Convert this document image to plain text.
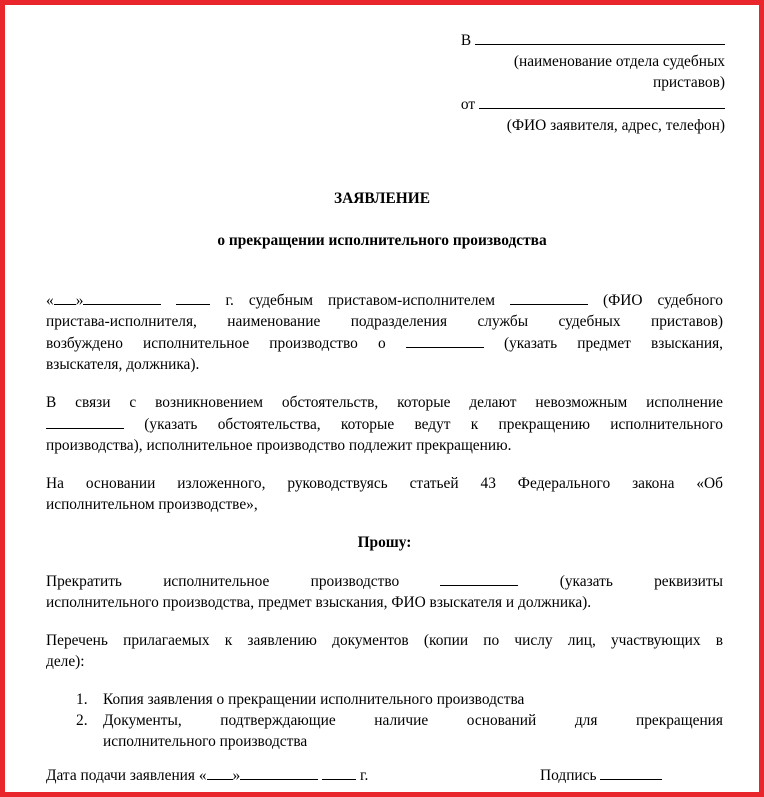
В
(наименование отдела судебных
приставов)
от
(ФИО заявителя, адрес, телефон)
ЗАЯВЛЕНИЕ
о прекращении исполнительного производства
« »	г. судебным приставом-исполнителем	(ФИО судебного
пристава-исполнителя, наименование подразделения службы судебных приставов)
возбуждено исполнительное производство о	(указать предмет взыскания,
взыскателя, должника).
В связи с возникновением обстоятельств, которые делают невозможным исполнение
(указать обстоятельства, которые ведут к прекращению исполнительного
производства), исполнительное производство подлежит прекращению.
На основании изложенного, руководствуясь статьей 43 Федерального закона «Об
исполнительном производстве»,
Прошу:
Прекратить исполнительное производство	(указать реквизиты
исполнительного производства, предмет взыскания, ФИО взыскателя и должника).
Перечень прилагаемых к заявлению документов (копии по числу лиц, участвующих в
деле):
1. Копия заявления о прекращении исполнительного производства
2. Документы, подтверждающие наличие оснований для прекращения
исполнительного производства
Дата подачи заявления « »	г.	Подпись
